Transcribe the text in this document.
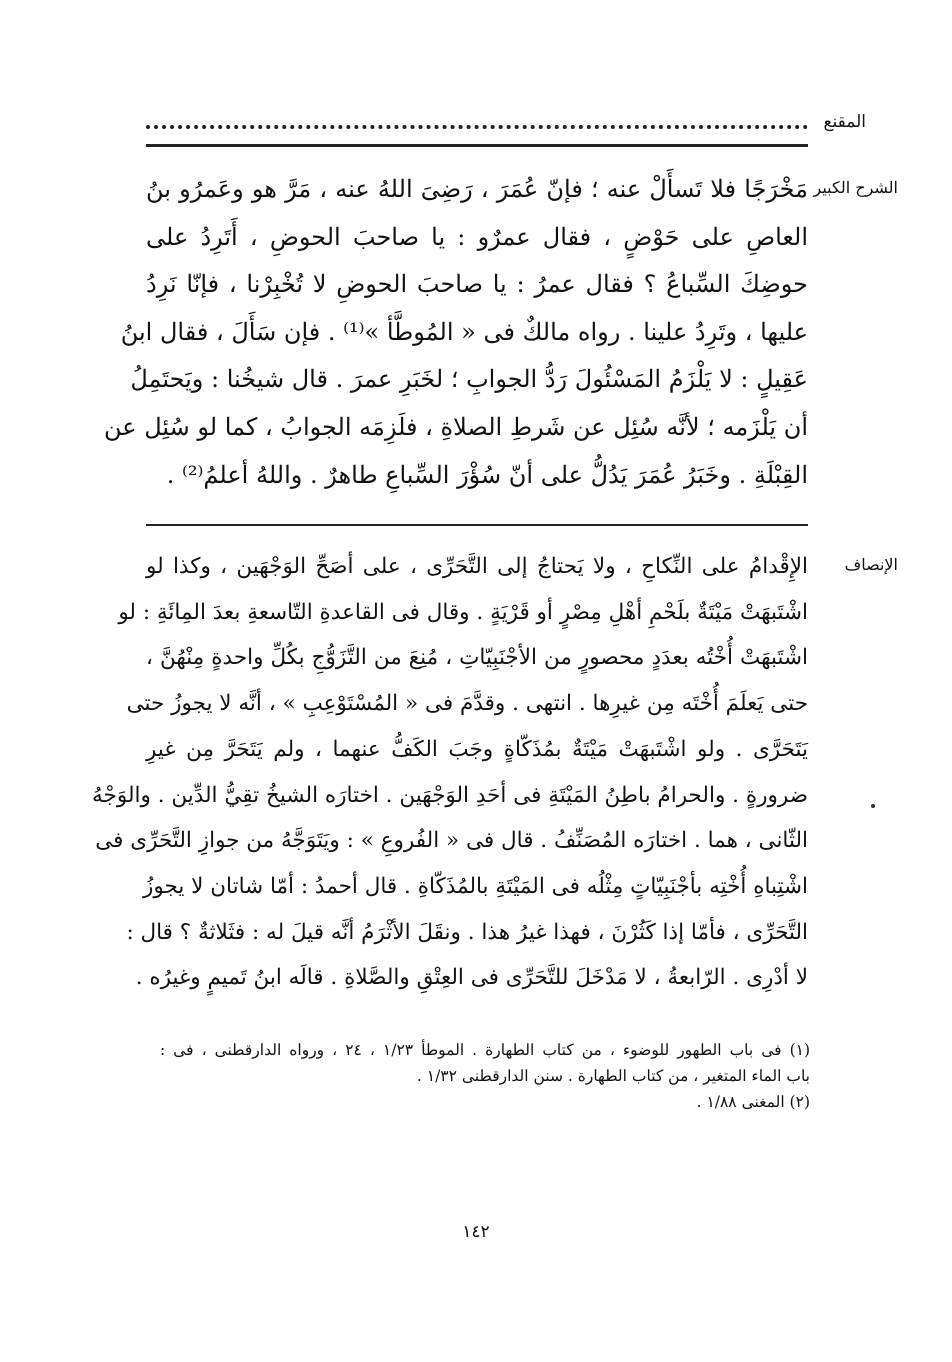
المقنع
الشرح الكبير
مَخْرَجًا فلا تَسأَلْ عنه ؛ فإنّ عُمَرَ ، رَضِىَ اللهُ عنه ، مَرَّ هو وعَمرُو بنُ
العاصِ على حَوْضٍ ، فقال عمرٌو : يا صاحبَ الحوضِ ، أَتَرِدُ على
حوضِكَ السِّباعُ ؟ فقال عمرُ : يا صاحبَ الحوضِ لا تُخْبِرْنا ، فإنّا نَرِدُ
عليها ، وتَرِدُ علينا . رواه مالكٌ فى « المُوطَّأ »⁽¹⁾ . فإن سَأَلَ ، فقال ابنُ
عَقِيلٍ : لا يَلْزَمُ المَسْئُولَ رَدُّ الجوابِ ؛ لخَبَرِ عمرَ . قال شيخُنا : ويَحتَمِلُ
أن يَلْزَمه ؛ لأنَّه سُئِل عن شَرطِ الصلاةِ ، فلَزِمَه الجوابُ ، كما لو سُئِل عن
القِبْلَةِ . وخَبَرُ عُمَرَ يَدُلُّ على أنّ سُؤْرَ السِّباعِ طاهرٌ . واللهُ أعلمُ⁽²⁾ .
الإنصاف
الإِقْدامُ على النِّكاحِ ، ولا يَحتاجُ إلى التَّحَرِّى ، على أصَحِّ الوَجْهَين ، وكذا لو
اشْتَبهَتْ مَيْتَةٌ بلَحْمِ أهْلِ مِصْرٍ أو قَرْيَةٍ . وقال فى القاعدةِ التّاسعةِ بعدَ المِائَةِ : لو
اشْتَبهَتْ أُخْتُه بعدَدٍ محصورٍ من الأجْنَبِيّاتِ ، مُنِعَ من التَّزَوُّجِ بكُلِّ واحدةٍ مِنْهُنَّ ،
حتى يَعلَمَ أُخْتَه مِن غيرِها . انتهى . وقدَّمَ فى « المُسْتَوْعِبِ » ، أنَّه لا يجوزُ حتى
يَتَحَرَّى . ولو اشْتَبهَتْ مَيْتَةٌ بمُذَكّاةٍ وجَبَ الكَفُّ عنهما ، ولم يَتَحَرَّ مِن غيرِ
ضرورةٍ . والحرامُ باطِنُ المَيْتَةِ فى أحَدِ الوَجْهَين . اختارَه الشيخُ تقِيُّ الدِّين . والوَجْهُ
الثّانى ، هما . اختارَه المُصَنِّفُ . قال فى « الفُروعِ » : ويَتَوَجَّهُ من جوازِ التَّحَرِّى فى
اشْتِباهِ أُخْتِه بأجْنَبِيّاتٍ مِثْلُه فى المَيْتَةِ بالمُذَكّاةِ . قال أحمدُ : أمّا شاتان لا يجوزُ
التَّحَرِّى ، فأمّا إذا كَثُرْنَ ، فهذا غيرُ هذا . ونقَلَ الأثْرَمُ أنَّه قيلَ له : فثَلاثةٌ ؟ قال :
لا أدْرِى . الرّابعةُ ، لا مَدْخَلَ للتَّحَرِّى فى العِتْقِ والصَّلاةِ . قالَه ابنُ تَميمٍ وغيرُه .
(١) فى باب الطهور للوضوء ، من كتاب الطهارة . الموطأ ١/٢٣ ، ٢٤ ، ورواه الدارقطنى ، فى :
باب الماء المتغير ، من كتاب الطهارة . سنن الدارقطنى ١/٣٢ .
(٢) المغنى ١/٨٨ .
١٤٢
